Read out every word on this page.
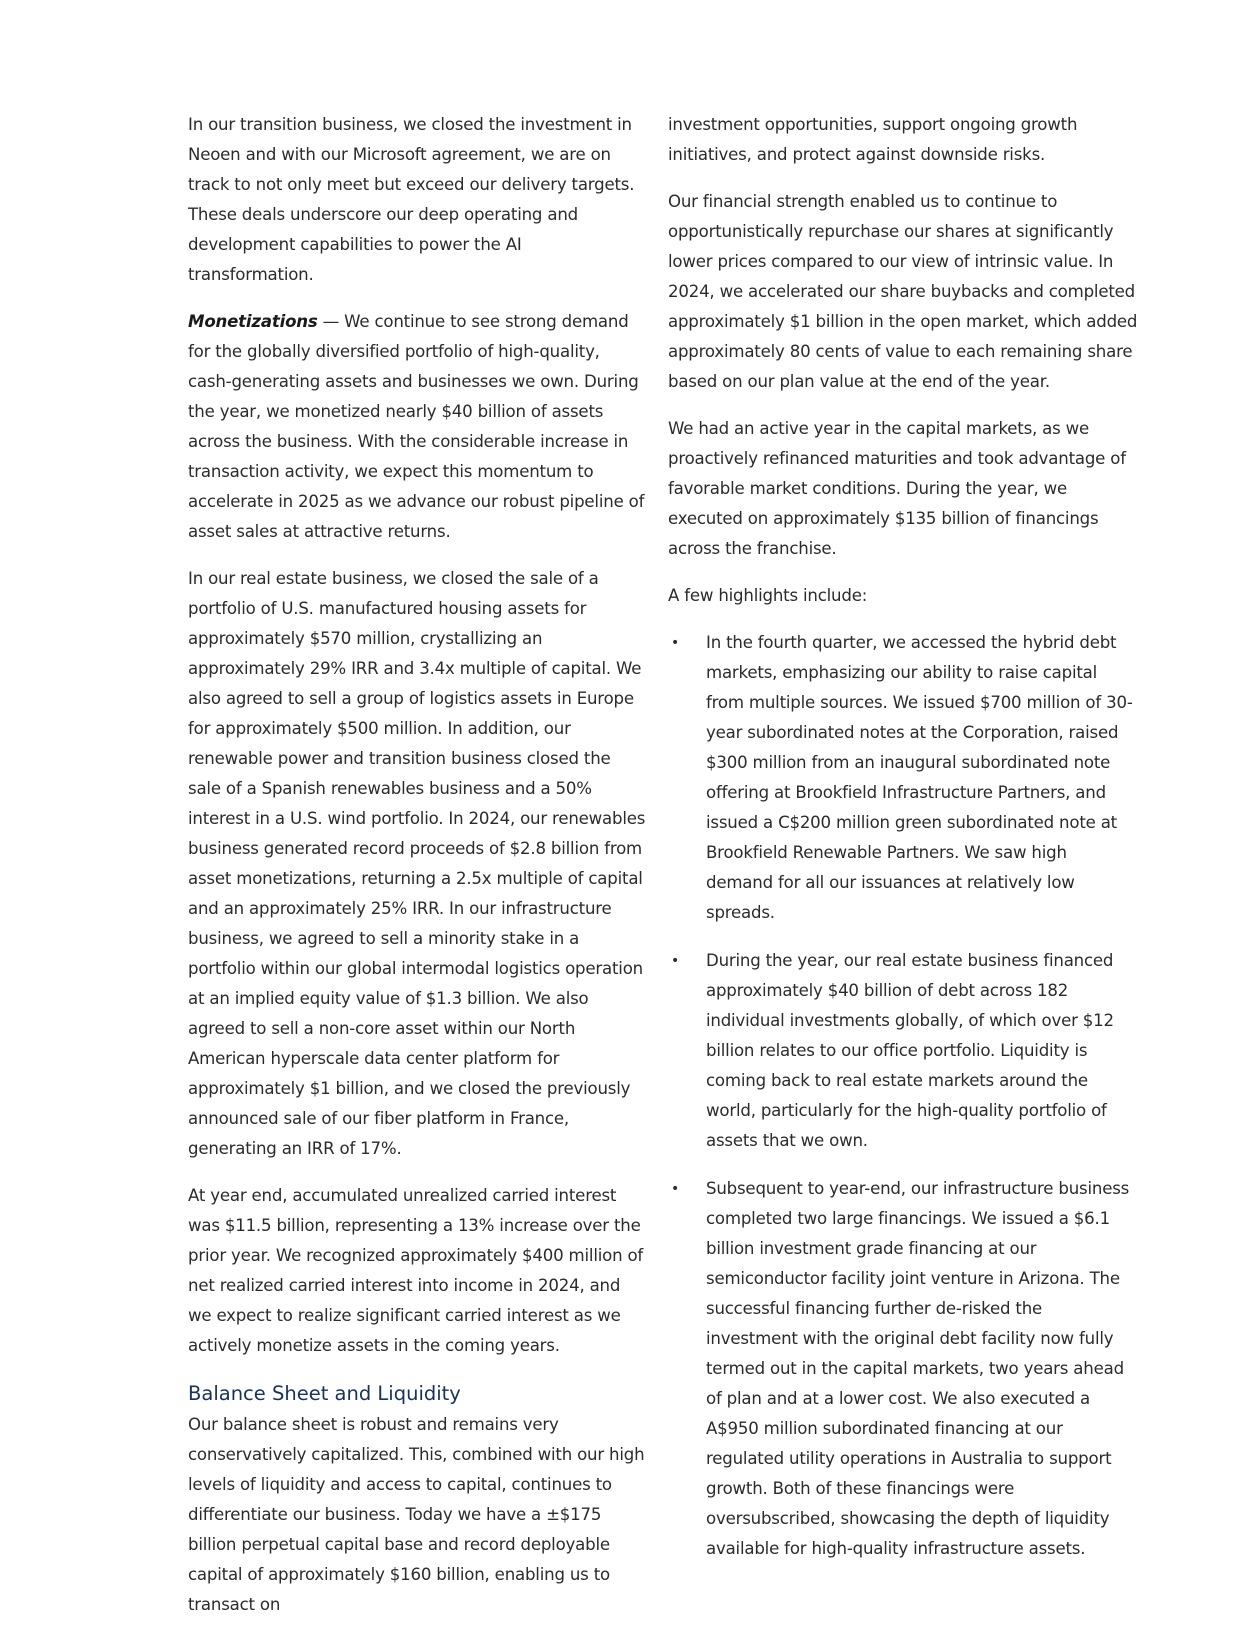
In our transition business, we closed the investment in Neoen and with our Microsoft agreement, we are on track to not only meet but exceed our delivery targets. These deals underscore our deep operating and development capabilities to power the AI transformation.

Monetizations — We continue to see strong demand for the globally diversified portfolio of high-quality, cash-generating assets and businesses we own. During the year, we monetized nearly $40 billion of assets across the business. With the considerable increase in transaction activity, we expect this momentum to accelerate in 2025 as we advance our robust pipeline of asset sales at attractive returns.

In our real estate business, we closed the sale of a portfolio of U.S. manufactured housing assets for approximately $570 million, crystallizing an approximately 29% IRR and 3.4x multiple of capital. We also agreed to sell a group of logistics assets in Europe for approximately $500 million. In addition, our renewable power and transition business closed the sale of a Spanish renewables business and a 50% interest in a U.S. wind portfolio. In 2024, our renewables business generated record proceeds of $2.8 billion from asset monetizations, returning a 2.5x multiple of capital and an approximately 25% IRR. In our infrastructure business, we agreed to sell a minority stake in a portfolio within our global intermodal logistics operation at an implied equity value of $1.3 billion. We also agreed to sell a non-core asset within our North American hyperscale data center platform for approximately $1 billion, and we closed the previously announced sale of our fiber platform in France, generating an IRR of 17%.

At year end, accumulated unrealized carried interest was $11.5 billion, representing a 13% increase over the prior year. We recognized approximately $400 million of net realized carried interest into income in 2024, and we expect to realize significant carried interest as we actively monetize assets in the coming years.

Balance Sheet and Liquidity

Our balance sheet is robust and remains very conservatively capitalized. This, combined with our high levels of liquidity and access to capital, continues to differentiate our business. Today we have a ±$175 billion perpetual capital base and record deployable capital of approximately $160 billion, enabling us to transact on

investment opportunities, support ongoing growth initiatives, and protect against downside risks.

Our financial strength enabled us to continue to opportunistically repurchase our shares at significantly lower prices compared to our view of intrinsic value. In 2024, we accelerated our share buybacks and completed approximately $1 billion in the open market, which added approximately 80 cents of value to each remaining share based on our plan value at the end of the year.

We had an active year in the capital markets, as we proactively refinanced maturities and took advantage of favorable market conditions. During the year, we executed on approximately $135 billion of financings across the franchise.

A few highlights include:

• In the fourth quarter, we accessed the hybrid debt markets, emphasizing our ability to raise capital from multiple sources. We issued $700 million of 30-year subordinated notes at the Corporation, raised $300 million from an inaugural subordinated note offering at Brookfield Infrastructure Partners, and issued a C$200 million green subordinated note at Brookfield Renewable Partners. We saw high demand for all our issuances at relatively low spreads.
• During the year, our real estate business financed approximately $40 billion of debt across 182 individual investments globally, of which over $12 billion relates to our office portfolio. Liquidity is coming back to real estate markets around the world, particularly for the high-quality portfolio of assets that we own.
• Subsequent to year-end, our infrastructure business completed two large financings. We issued a $6.1 billion investment grade financing at our semiconductor facility joint venture in Arizona. The successful financing further de-risked the investment with the original debt facility now fully termed out in the capital markets, two years ahead of plan and at a lower cost. We also executed a A$950 million subordinated financing at our regulated utility operations in Australia to support growth. Both of these financings were oversubscribed, showcasing the depth of liquidity available for high-quality infrastructure assets.
